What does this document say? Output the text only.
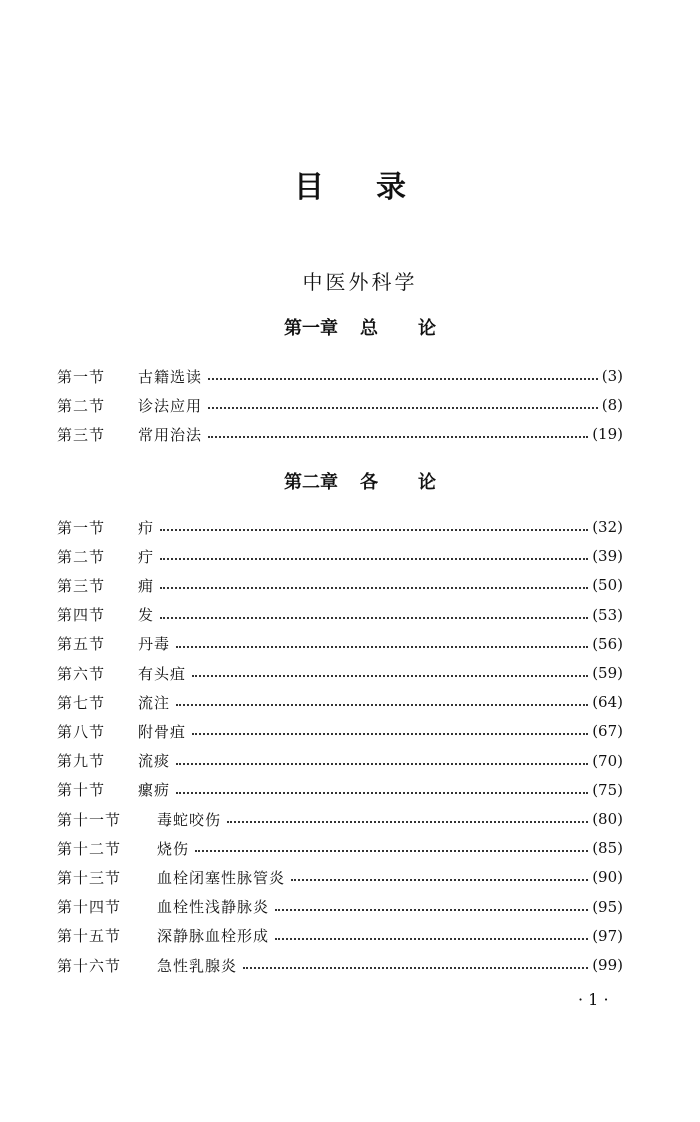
目 录
中医外科学
第一章 总 论
第一节	古籍选读	(3)
第二节	诊法应用	(8)
第三节	常用治法	(19)
第二章 各 论
第一节	疖	(32)
第二节	疔	(39)
第三节	痈	(50)
第四节	发	(53)
第五节	丹毒	(56)
第六节	有头疽	(59)
第七节	流注	(64)
第八节	附骨疽	(67)
第九节	流痰	(70)
第十节	瘰疬	(75)
第十一节	毒蛇咬伤	(80)
第十二节	烧伤	(85)
第十三节	血栓闭塞性脉管炎	(90)
第十四节	血栓性浅静脉炎	(95)
第十五节	深静脉血栓形成	(97)
第十六节	急性乳腺炎	(99)
· 1 ·
